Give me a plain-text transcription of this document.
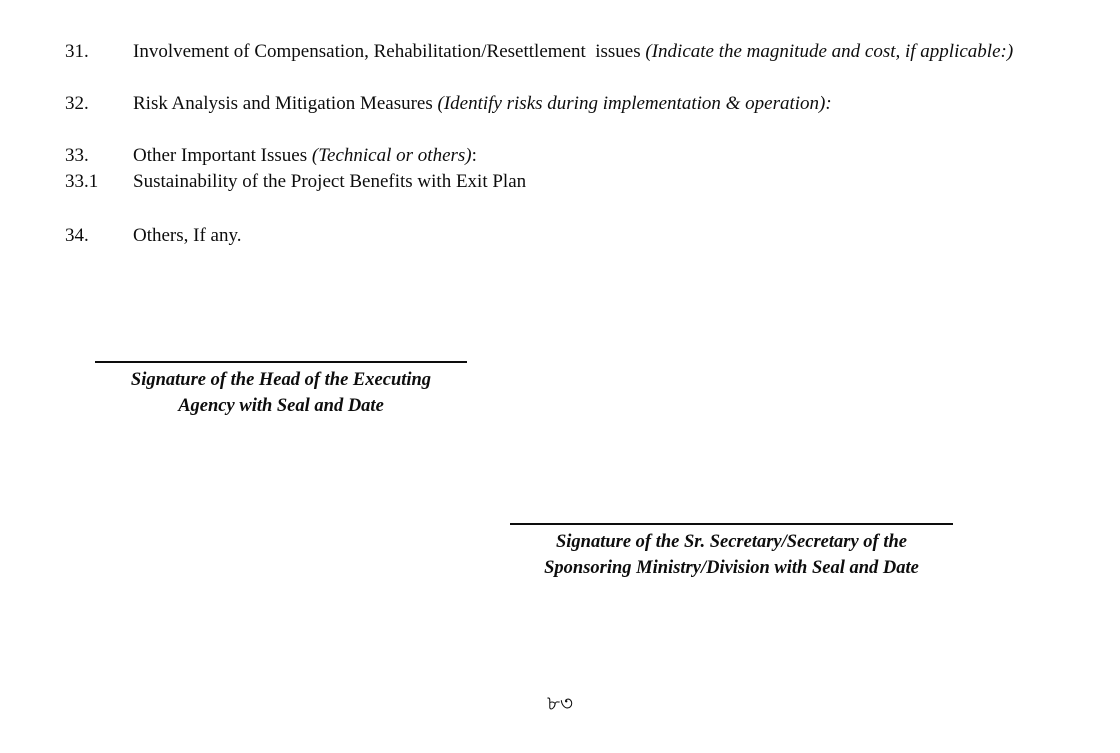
31.	Involvement of Compensation, Rehabilitation/Resettlement  issues (Indicate the magnitude and cost, if applicable:)
32.	Risk Analysis and Mitigation Measures (Identify risks during implementation & operation):
33.	Other Important Issues (Technical or others):
33.1	Sustainability of the Project Benefits with Exit Plan
34.	Others, If any.
Signature of the Head of the Executing
Agency with Seal and Date
Signature of the Sr. Secretary/Secretary of the
Sponsoring Ministry/Division with Seal and Date
৮৩
